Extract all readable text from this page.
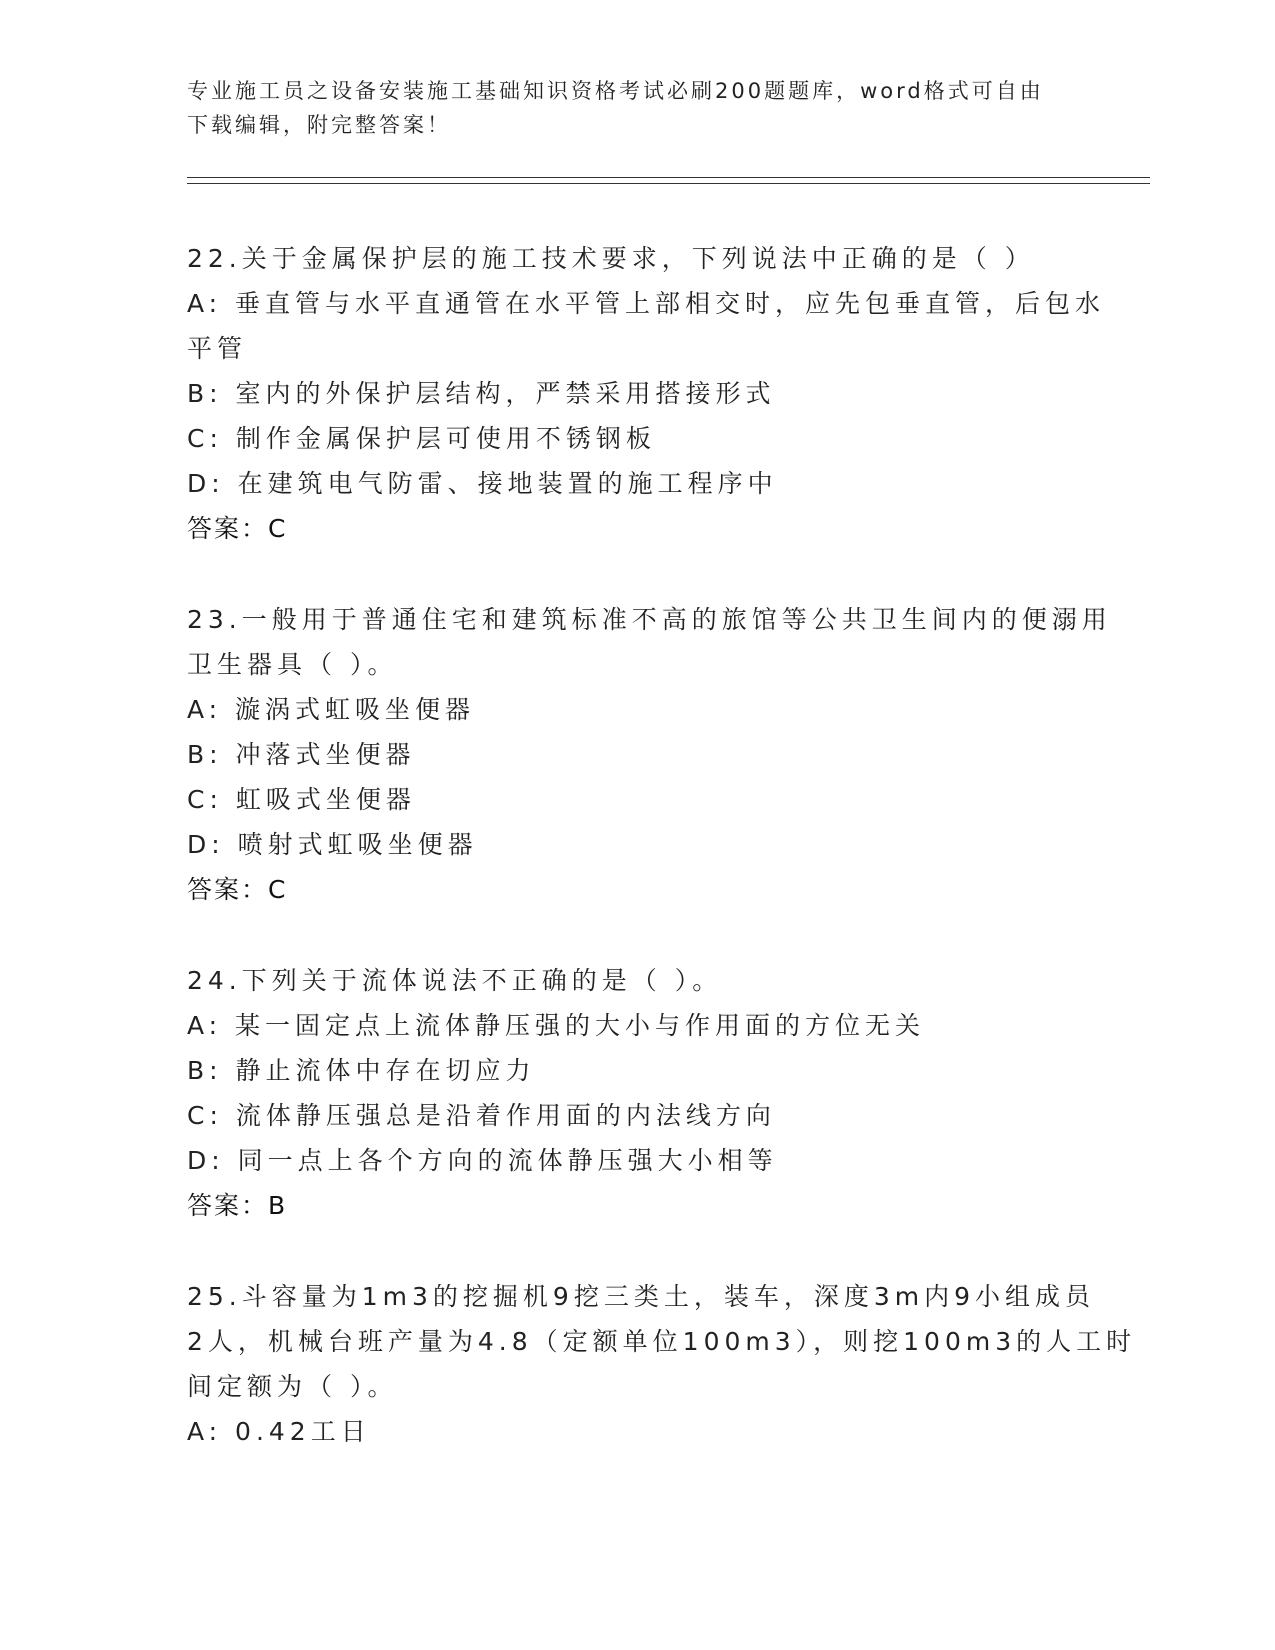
专业施工员之设备安装施工基础知识资格考试必刷200题题库，word格式可自由
下载编辑，附完整答案！
22.关于金属保护层的施工技术要求，下列说法中正确的是（ ）
A: 垂直管与水平直通管在水平管上部相交时，应先包垂直管，后包水
平管
B: 室内的外保护层结构，严禁采用搭接形式
C: 制作金属保护层可使用不锈钢板
D: 在建筑电气防雷、接地装置的施工程序中
答案：C
23.一般用于普通住宅和建筑标准不高的旅馆等公共卫生间内的便溺用
卫生器具（ ）。
A: 漩涡式虹吸坐便器
B: 冲落式坐便器
C: 虹吸式坐便器
D: 喷射式虹吸坐便器
答案：C
24.下列关于流体说法不正确的是（ ）。
A: 某一固定点上流体静压强的大小与作用面的方位无关
B: 静止流体中存在切应力
C: 流体静压强总是沿着作用面的内法线方向
D: 同一点上各个方向的流体静压强大小相等
答案：B
25.斗容量为1m3的挖掘机9挖三类土，装车，深度3m内9小组成员
2人，机械台班产量为4.8（定额单位100m3），则挖100m3的人工时
间定额为（ ）。
A: 0.42工日
